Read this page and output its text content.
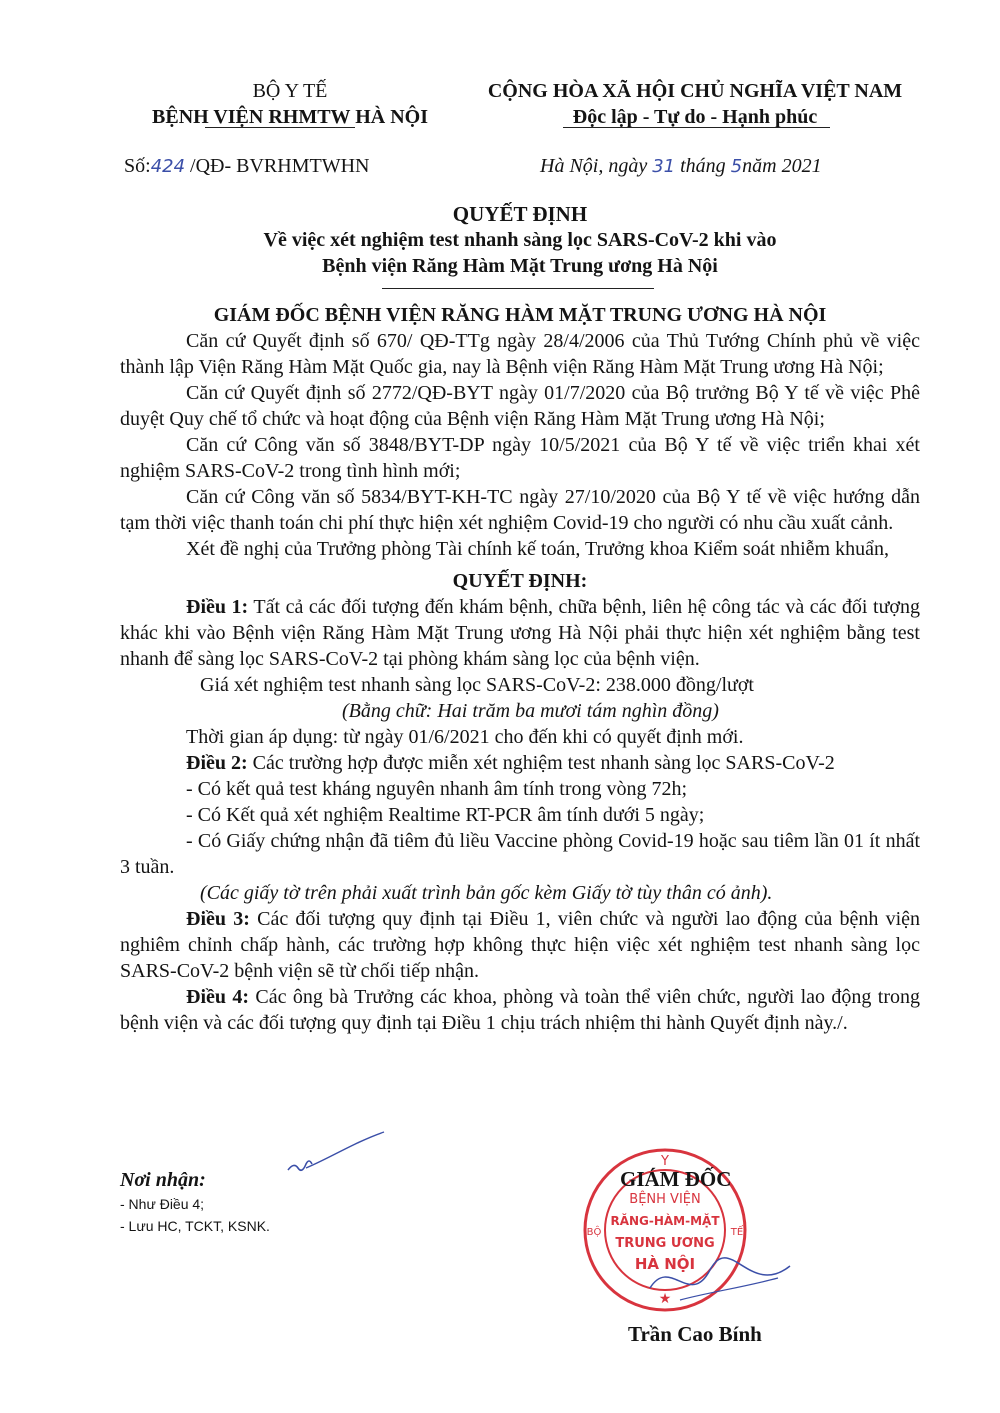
BỘ Y TẾ
BỆNH VIỆN RHMTW HÀ NỘI
CỘNG HÒA XÃ HỘI CHỦ NGHĨA VIỆT NAM
Độc lập - Tự do - Hạnh phúc
Số:424 /QĐ- BVRHMTWHN	Hà Nội, ngày 31 tháng 5năm 2021
QUYẾT ĐỊNH
Về việc xét nghiệm test nhanh sàng lọc SARS-CoV-2 khi vào
Bệnh viện Răng Hàm Mặt Trung ương Hà Nội

GIÁM ĐỐC BỆNH VIỆN RĂNG HÀM MẶT TRUNG ƯƠNG HÀ NỘI

Căn cứ Quyết định số 670/ QĐ-TTg ngày 28/4/2006 của Thủ Tướng Chính phủ về việc thành lập Viện Răng Hàm Mặt Quốc gia, nay là Bệnh viện Răng Hàm Mặt Trung ương Hà Nội;

Căn cứ Quyết định số 2772/QĐ-BYT ngày 01/7/2020 của Bộ trưởng Bộ Y tế về việc Phê duyệt Quy chế tổ chức và hoạt động của Bệnh viện Răng Hàm Mặt Trung ương Hà Nội;

Căn cứ Công văn số 3848/BYT-DP ngày 10/5/2021 của Bộ Y tế về việc triển khai xét nghiệm SARS-CoV-2 trong tình hình mới;

Căn cứ Công văn số 5834/BYT-KH-TC ngày 27/10/2020 của Bộ Y tế về việc hướng dẫn tạm thời việc thanh toán chi phí thực hiện xét nghiệm Covid-19 cho người có nhu cầu xuất cảnh.

Xét đề nghị của Trưởng phòng Tài chính kế toán, Trưởng khoa Kiểm soát nhiễm khuẩn,

QUYẾT ĐỊNH:

Điều 1: Tất cả các đối tượng đến khám bệnh, chữa bệnh, liên hệ công tác và các đối tượng khác khi vào Bệnh viện Răng Hàm Mặt Trung ương Hà Nội phải thực hiện xét nghiệm bằng test nhanh để sàng lọc SARS-CoV-2 tại phòng khám sàng lọc của bệnh viện.

Giá xét nghiệm test nhanh sàng lọc SARS-CoV-2: 238.000 đồng/lượt

(Bằng chữ: Hai trăm ba mươi tám nghìn đồng)

Thời gian áp dụng: từ ngày 01/6/2021 cho đến khi có quyết định mới.

Điều 2: Các trường hợp được miễn xét nghiệm test nhanh sàng lọc SARS-CoV-2

- Có kết quả test kháng nguyên nhanh âm tính trong vòng 72h;

- Có Kết quả xét nghiệm Realtime RT-PCR âm tính dưới 5 ngày;

- Có Giấy chứng nhận đã tiêm đủ liều Vaccine phòng Covid-19 hoặc sau tiêm lần 01 ít nhất 3 tuần.

(Các giấy tờ trên phải xuất trình bản gốc kèm Giấy tờ tùy thân có ảnh).

Điều 3: Các đối tượng quy định tại Điều 1, viên chức và người lao động của bệnh viện nghiêm chỉnh chấp hành, các trường hợp không thực hiện việc xét nghiệm test nhanh sàng lọc SARS-CoV-2 bệnh viện sẽ từ chối tiếp nhận.

Điều 4: Các ông bà Trưởng các khoa, phòng và toàn thể viên chức, người lao động trong bệnh viện và các đối tượng quy định tại Điều 1 chịu trách nhiệm thi hành Quyết định này./.

Nơi nhận:
- Như Điều 4;
- Lưu HC, TCKT, KSNK.
Y
BỘ	TẾ
BỆNH VIỆN
RĂNG-HÀM-MẶT
TRUNG ƯƠNG
HÀ NỘI
★
GIÁM ĐỐC
Trần Cao Bính
